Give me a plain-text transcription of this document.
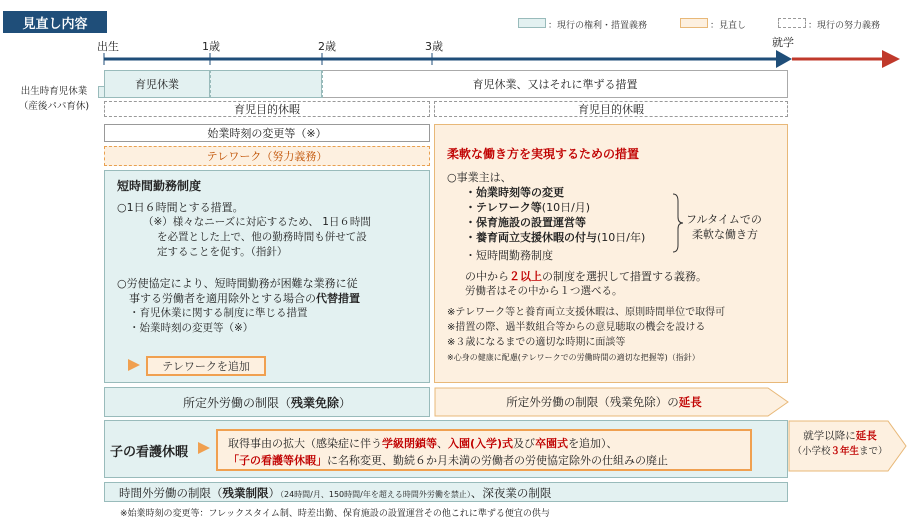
見直し内容	：現行の権利・措置義務	：見直し	：現行の努力義務
出生	1歳	2歳	3歳	就学
出生時育児休業
（産後パパ育休)
育児休業	育児休業、又はそれに準ずる措置
育児目的休暇	育児目的休暇
始業時刻の変更等（※）
テレワーク（努力義務）
短時間勤務制度
○1日６時間とする措置。
（※）様々なニーズに対応するため、 1日６時間
を必置とした上で、他の勤務時間も併せて設
定することを促す。（指針）
○労使協定により、短時間勤務が困難な業務に従
事する労働者を適用除外とする場合の代替措置
・育児休業に関する制度に準じる措置
・始業時刻の変更等（※）
テレワークを追加
柔軟な働き方を実現するための措置
○事業主は、
・始業時刻等の変更
・テレワーク等(10日/月)
・保育施設の設置運営等
・養育両立支援休暇の付与(10日/年)
・短時間勤務制度
の中から２以上の制度を選択して措置する義務。
労働者はその中から１つ選べる。
※テレワーク等と養育両立支援休暇は、原則時間単位で取得可
※措置の際、過半数組合等からの意見聴取の機会を設ける
※３歳になるまでの適切な時期に面談等
※心身の健康に配慮(テレワークでの労働時間の適切な把握等)（指針）
フルタイムでの
柔軟な働き方
所定外労働の制限（ 残業免除 ）	所定外労働の制限（残業免除）の 延長
子の看護休暇
取得事由の拡大（感染症に伴う学級閉鎖等、入園(入学)式及び卒園式を追加）、
「子の看護等休暇」に名称変更、勤続６か月未満の労働者の労使協定除外の仕組みの廃止
就学以降に延長
（小学校３年生まで）
時間外労働の制限（残業制限）（24時間/月、150時間/年を超える時間外労働を禁止）、深夜業の制限
※始業時刻の変更等：フレックスタイム制、時差出勤、保育施設の設置運営その他これに準ずる便宜の供与
